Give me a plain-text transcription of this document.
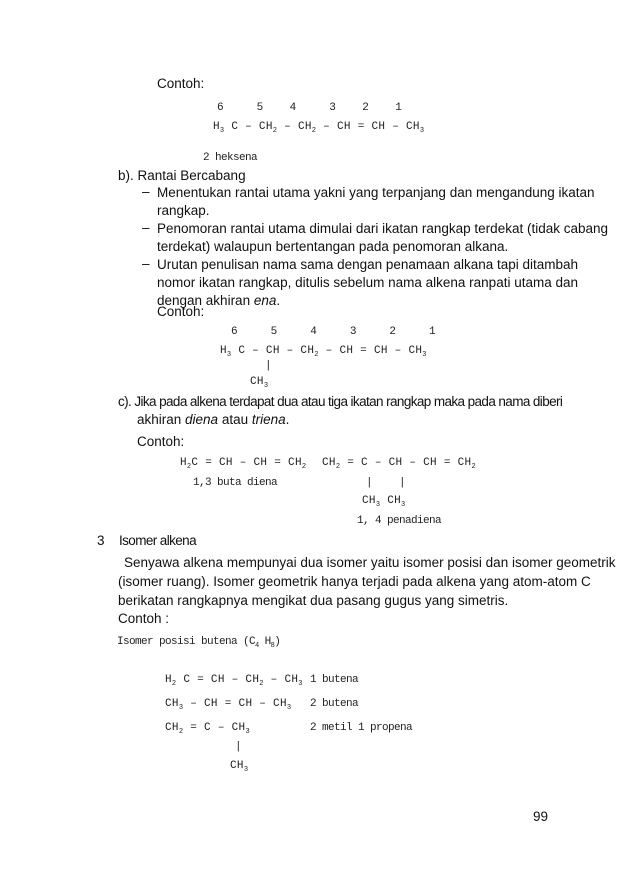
Contoh:
6     5    4     3    2    1
$H_3$ C – $CH_2 - CH_2$ – CH = CH – $CH_3$
2 heksena
b). Rantai Bercabang
– Menentukan rantai utama yakni yang terpanjang dan mengandung ikatan rangkap.
– Penomoran rantai utama dimulai dari ikatan rangkap terdekat (tidak cabang terdekat) walaupun bertentangan pada penomoran alkana.
– Urutan penulisan nama sama dengan penamaan alkana tapi ditambah nomor ikatan rangkap, ditulis sebelum nama alkena ranpati utama dan dengan akhiran ena.
Contoh:
6     5     4     3     2     1
$H_3$ C – CH – $CH_2$ – CH = CH – $CH_3$
|
$CH_3$
c). Jika pada alkena terdapat dua atau tiga ikatan rangkap maka pada nama diberi
akhiran diena atau triena.
Contoh:
$H_2C$ = CH – CH = $CH_2$ $CH_2 = C$ – CH – CH = $CH_2$
1,3 buta diena	|    |
$CH_3$ $CH_3$
1, 4 penadiena
3 Isomer alkena
Senyawa alkena mempunyai dua isomer yaitu isomer posisi dan isomer geometrik (isomer ruang). Isomer geometrik hanya terjadi pada alkena yang atom-atom C berikatan rangkapnya mengikat dua pasang gugus yang simetris.
Contoh :
Isomer posisi butena ($C_4$ $H_8$)
$H_2$ C = CH – $CH_2 - CH_3$ 1 butena
$CH_3$ – CH = CH – $CH_3$ 2 butena
$CH_2 = C - CH_3$	2 metil 1 propena
|
$CH_3$
99
